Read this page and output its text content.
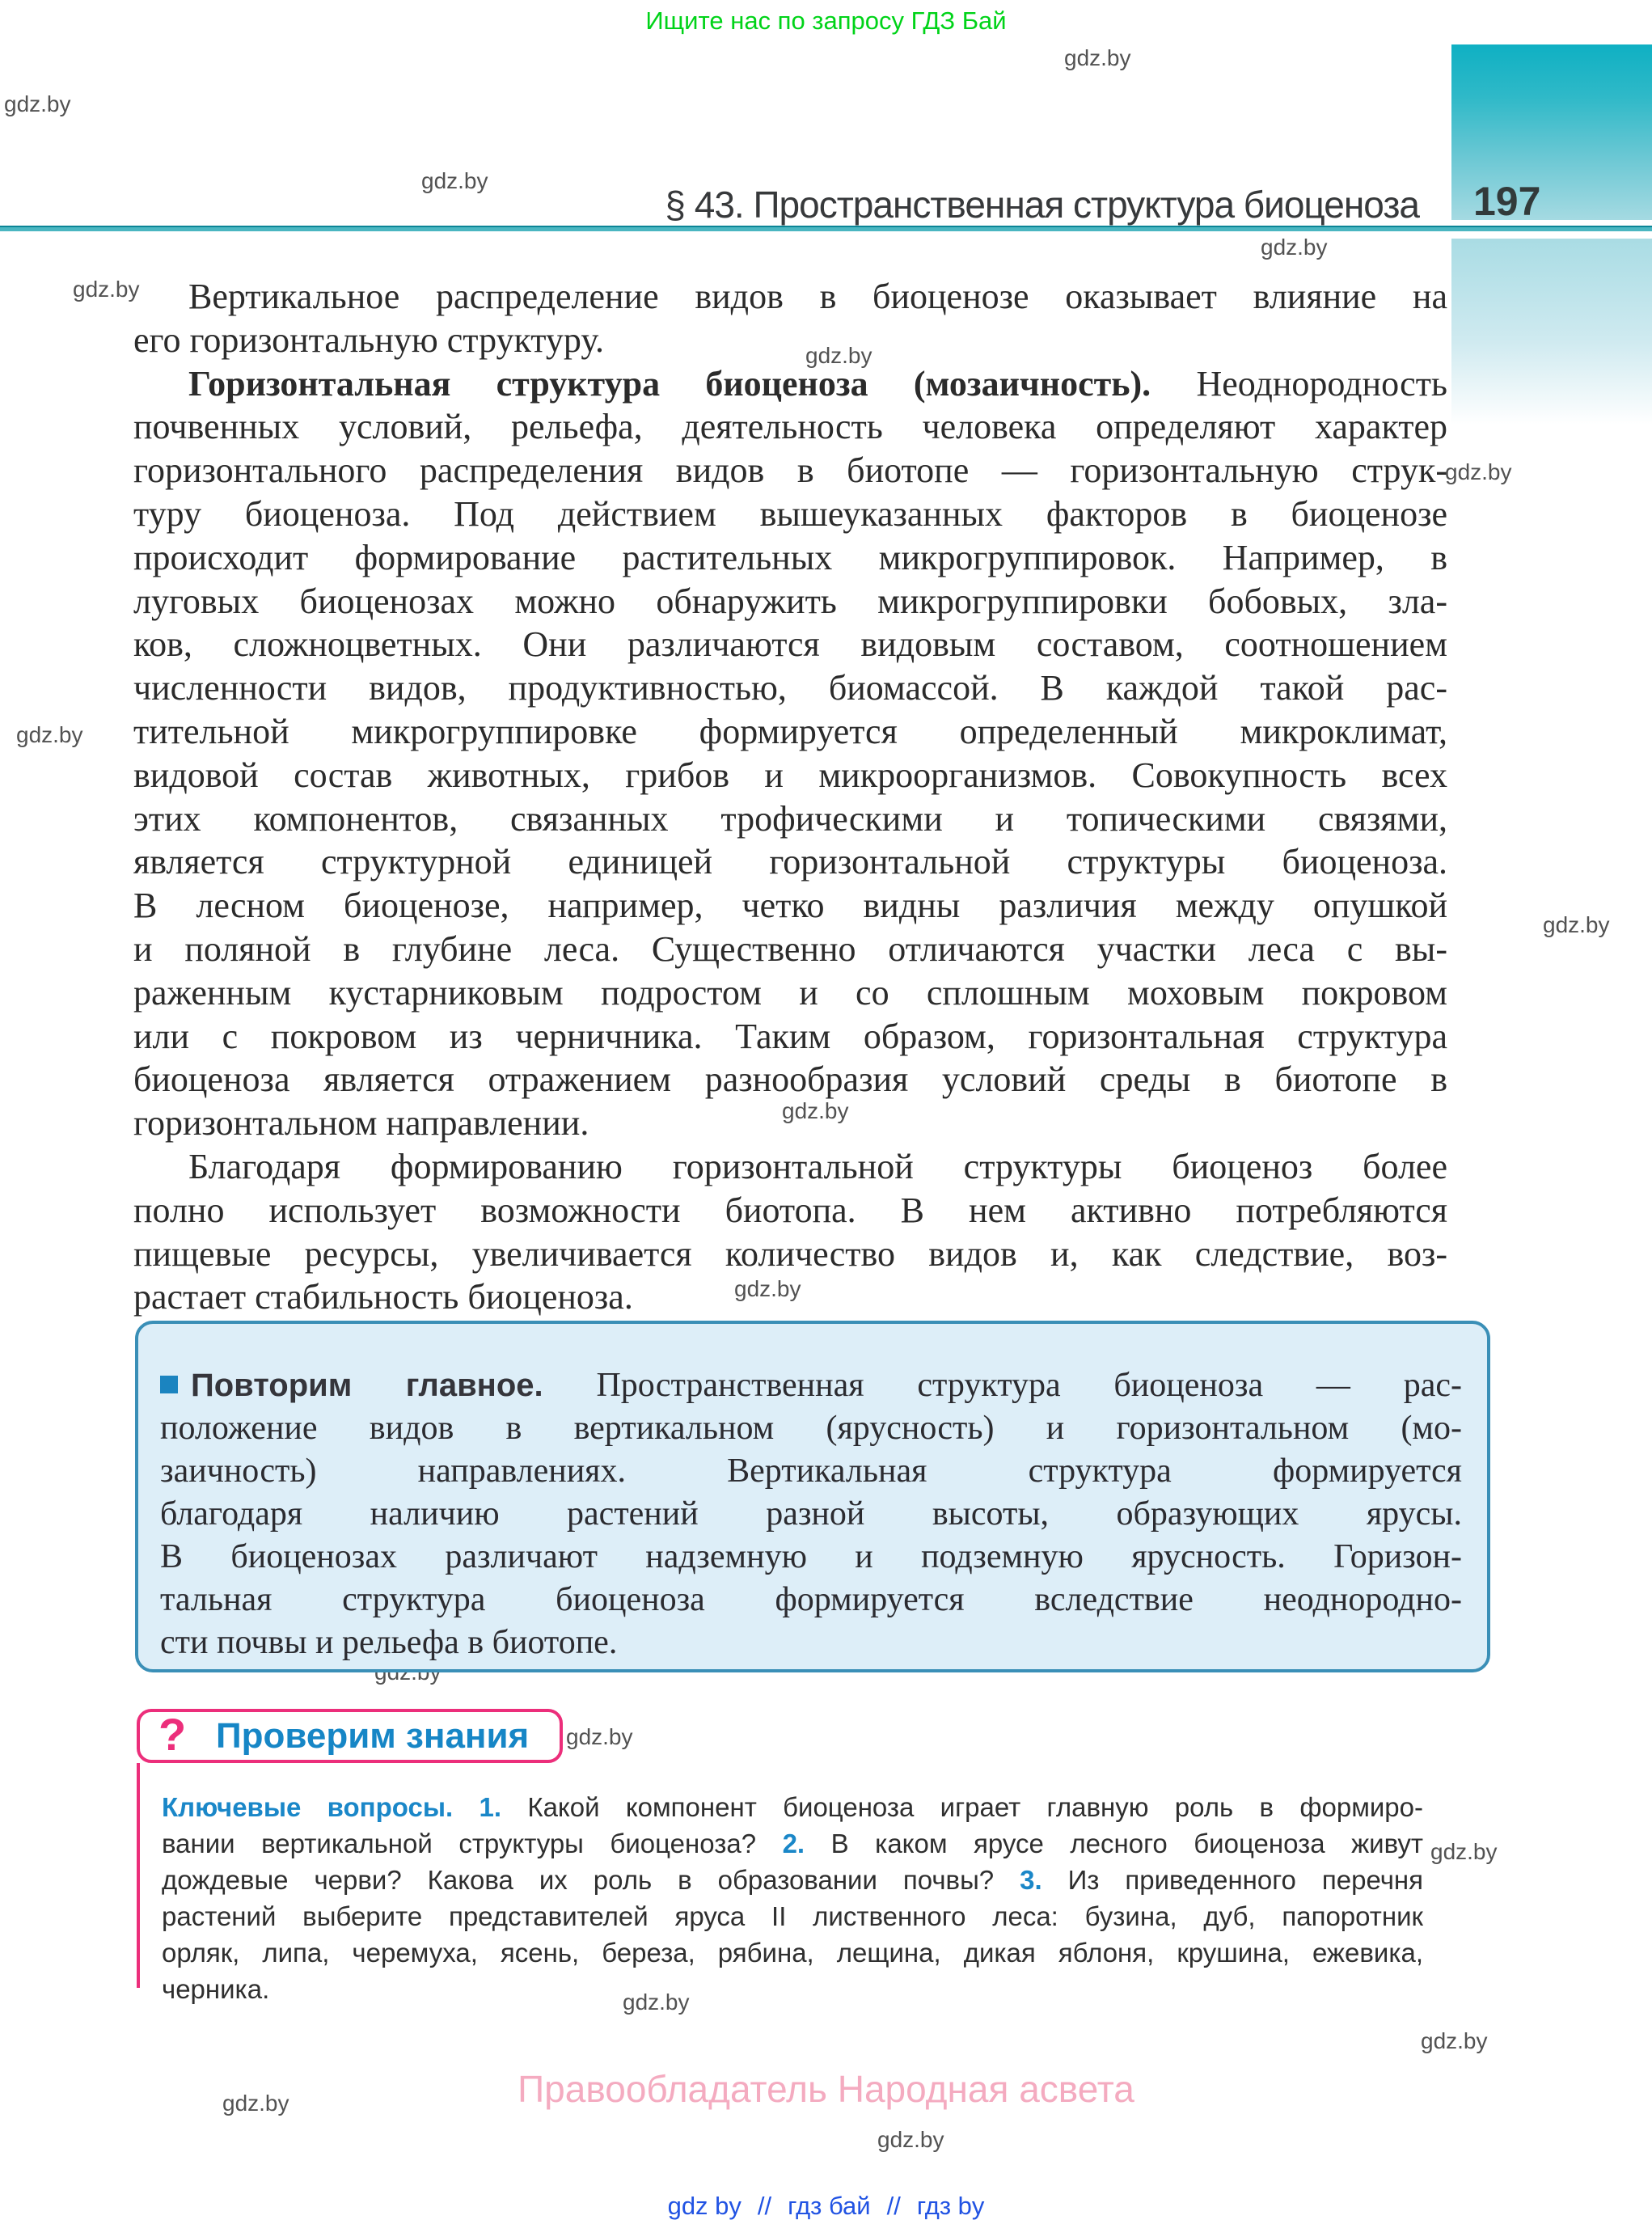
Ищите нас по запросу ГДЗ Бай
§ 43. Пространственная структура биоценоза 197
gdz.by
gdz.by
gdz.by
gdz.by
gdz.by
gdz.by
gdz.by
gdz.by
gdz.by
gdz.by
gdz.by
gdz.by
gdz.by
gdz.by
gdz.by
gdz.by
gdz.by
Вертикальное распределение видов в биоценозе оказывает влияние на
его горизонтальную структуру.
Горизонтальная структура биоценоза (мозаичность). Неоднородность
почвенных условий, рельефа, деятельность человека определяют характер
горизонтального распределения видов в биотопе — горизонтальную струк-
туру биоценоза. Под действием вышеуказанных факторов в биоценозе
происходит формирование растительных микрогруппировок. Например, в
луговых биоценозах можно обнаружить микрогруппировки бобовых, зла-
ков, сложноцветных. Они различаются видовым составом, соотношением
численности видов, продуктивностью, биомассой. В каждой такой рас-
тительной микрогруппировке формируется определенный микроклимат,
видовой состав животных, грибов и микроорганизмов. Совокупность всех
этих компонентов, связанных трофическими и топическими связями,
является структурной единицей горизонтальной структуры биоценоза.
В лесном биоценозе, например, четко видны различия между опушкой
и поляной в глубине леса. Существенно отличаются участки леса с вы-
раженным кустарниковым подростом и со сплошным моховым покровом
или с покровом из черничника. Таким образом, горизонтальная структура
биоценоза является отражением разнообразия условий среды в биотопе в
горизонтальном направлении.
Благодаря формированию горизонтальной структуры биоценоз более
полно использует возможности биотопа. В нем активно потребляются
пищевые ресурсы, увеличивается количество видов и, как следствие, воз-
растает стабильность биоценоза.
Повторим главное. Пространственная структура биоценоза — рас-
положение видов в вертикальном (ярусность) и горизонтальном (мо-
заичность) направлениях. Вертикальная структура формируется
благодаря наличию растений разной высоты, образующих ярусы.
В биоценозах различают надземную и подземную ярусность. Горизон-
тальная структура биоценоза формируется вследствие неоднородно-
сти почвы и рельефа в биотопе.
? Проверим знания
Ключевые вопросы. 1. Какой компонент биоценоза играет главную роль в формиро-
вании вертикальной структуры биоценоза? 2. В каком ярусе лесного биоценоза живут
дождевые черви? Какова их роль в образовании почвы? 3. Из приведенного перечня
растений выберите представителей яруса II лиственного леса: бузина, дуб, папоротник
орляк, липа, черемуха, ясень, береза, рябина, лещина, дикая яблоня, крушина, ежевика,
черника.
Правообладатель Народная асвета
gdz by // гдз бай // гдз by
